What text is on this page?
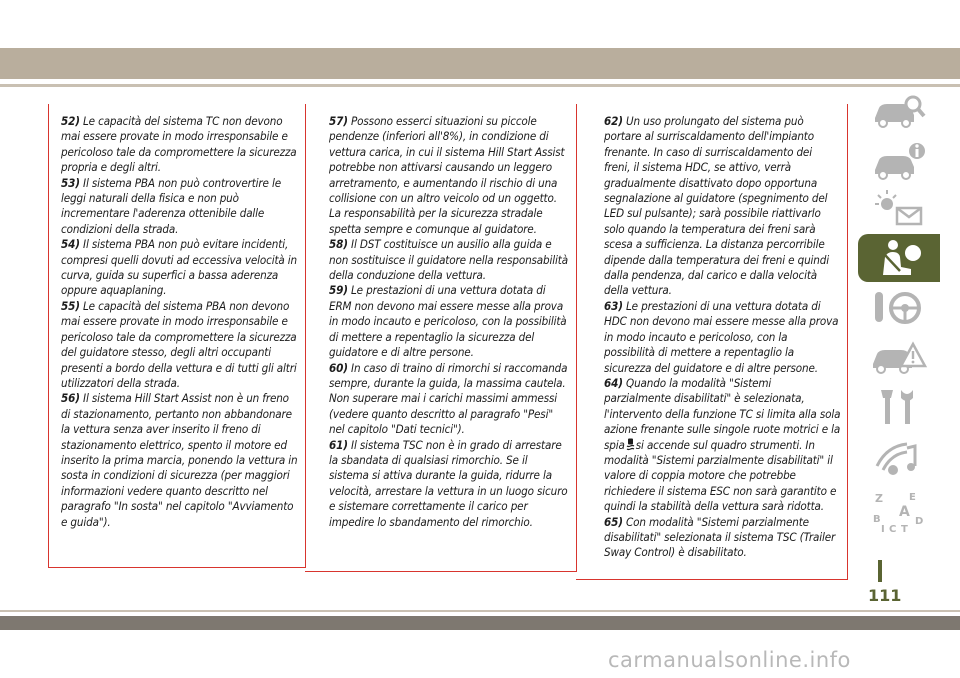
52) Le capacità del sistema TC non devono mai essere provate in modo irresponsabile e pericoloso tale da compromettere la sicurezza propria e degli altri.

53) Il sistema PBA non può controvertire le leggi naturali della fisica e non può incrementare l'aderenza ottenibile dalle condizioni della strada.

54) Il sistema PBA non può evitare incidenti, compresi quelli dovuti ad eccessiva velocità in curva, guida su superfici a bassa aderenza oppure aquaplaning.

55) Le capacità del sistema PBA non devono mai essere provate in modo irresponsabile e pericoloso tale da compromettere la sicurezza del guidatore stesso, degli altri occupanti presenti a bordo della vettura e di tutti gli altri utilizzatori della strada.

56) Il sistema Hill Start Assist non è un freno di stazionamento, pertanto non abbandonare la vettura senza aver inserito il freno di stazionamento elettrico, spento il motore ed inserito la prima marcia, ponendo la vettura in sosta in condizioni di sicurezza (per maggiori informazioni vedere quanto descritto nel paragrafo "In sosta" nel capitolo "Avviamento e guida").

57) Possono esserci situazioni su piccole pendenze (inferiori all'8%), in condizione di vettura carica, in cui il sistema Hill Start Assist potrebbe non attivarsi causando un leggero arretramento, e aumentando il rischio di una collisione con un altro veicolo od un oggetto. La responsabilità per la sicurezza stradale spetta sempre e comunque al guidatore.

58) Il DST costituisce un ausilio alla guida e non sostituisce il guidatore nella responsabilità della conduzione della vettura.

59) Le prestazioni di una vettura dotata di ERM non devono mai essere messe alla prova in modo incauto e pericoloso, con la possibilità di mettere a repentaglio la sicurezza del guidatore e di altre persone.

60) In caso di traino di rimorchi si raccomanda sempre, durante la guida, la massima cautela. Non superare mai i carichi massimi ammessi (vedere quanto descritto al paragrafo "Pesi" nel capitolo "Dati tecnici").

61) Il sistema TSC non è in grado di arrestare la sbandata di qualsiasi rimorchio. Se il sistema si attiva durante la guida, ridurre la velocità, arrestare la vettura in un luogo sicuro e sistemare correttamente il carico per impedire lo sbandamento del rimorchio.

62) Un uso prolungato del sistema può portare al surriscaldamento dell'impianto frenante. In caso di surriscaldamento dei freni, il sistema HDC, se attivo, verrà gradualmente disattivato dopo opportuna segnalazione al guidatore (spegnimento del LED sul pulsante); sarà possibile riattivarlo solo quando la temperatura dei freni sarà scesa a sufficienza. La distanza percorribile dipende dalla temperatura dei freni e quindi dalla pendenza, dal carico e dalla velocità della vettura.

63) Le prestazioni di una vettura dotata di HDC non devono mai essere messe alla prova in modo incauto e pericoloso, con la possibilità di mettere a repentaglio la sicurezza del guidatore e di altre persone.

64) Quando la modalità "Sistemi parzialmente disabilitati" è selezionata, l'intervento della funzione TC si limita alla sola azione frenante sulle singole ruote motrici e la spia si accende sul quadro strumenti. In modalità "Sistemi parzialmente disabilitati" il valore di coppia motore che potrebbe richiedere il sistema ESC non sarà garantito e quindi la stabilità della vettura sarà ridotta.

65) Con modalità "Sistemi parzialmente disabilitati" selezionata il sistema TSC (Trailer Sway Control) è disabilitato.

Z	E
A
B	D
I C T
111
carmanualsonline.info
